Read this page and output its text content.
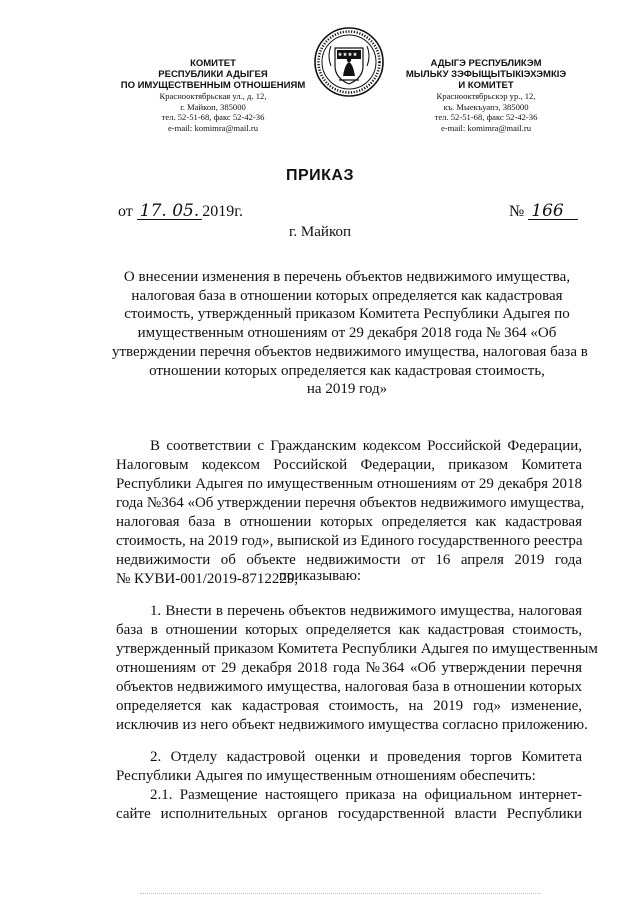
КОМИТЕТ
РЕСПУБЛИКИ АДЫГЕЯ
ПО ИМУЩЕСТВЕННЫМ ОТНОШЕНИЯМ
Краснооктябрьская ул., д. 12,
г. Майкоп, 385000
тел. 52-51-68, факс 52-42-36
e-mail: komimra@mail.ru
АДЫГЭ РЕСПУБЛИКЭМ
МЫЛЬКУ ЗЭФЫЩЫТЫКIЭХЭМКIЭ
И КОМИТЕТ
Краснооктябрьскэр ур., 12,
къ. Мыекъуапэ, 385000
тел. 52-51-68, факс 52-42-36
e-mail: komimra@mail.ru
ПРИКАЗ
от 17. 05. 2019г.	№ 166
г. Майкоп
О внесении изменения в перечень объектов недвижимого имущества,
налоговая база в отношении которых определяется как кадастровая
стоимость, утвержденный приказом Комитета Республики Адыгея по
имущественным отношениям от 29 декабря 2018 года № 364 «Об
утверждении перечня объектов недвижимого имущества, налоговая база в
отношении которых определяется как кадастровая стоимость,
на 2019 год»
В соответствии с Гражданским кодексом Российской Федерации,
Налоговым кодексом Российской Федерации, приказом Комитета
Республики Адыгея по имущественным отношениям от 29 декабря 2018
года №364 «Об утверждении перечня объектов недвижимого имущества,
налоговая база в отношении которых определяется как кадастровая
стоимость, на 2019 год», выпиской из Единого государственного реестра
недвижимости об объекте недвижимости от 16 апреля 2019 года
№ КУВИ-001/2019-8712229,
приказываю:
1. Внести в перечень объектов недвижимого имущества, налоговая
база в отношении которых определяется как кадастровая стоимость,
утвержденный приказом Комитета Республики Адыгея по имущественным
отношениям от 29 декабря 2018 года №364 «Об утверждении перечня
объектов недвижимого имущества, налоговая база в отношении которых
определяется как кадастровая стоимость, на 2019 год» изменение,
исключив из него объект недвижимого имущества согласно приложению.
2. Отделу кадастровой оценки и проведения торгов Комитета
Республики Адыгея по имущественным отношениям обеспечить:
2.1. Размещение настоящего приказа на официальном интернет-
сайте исполнительных органов государственной власти Республики
